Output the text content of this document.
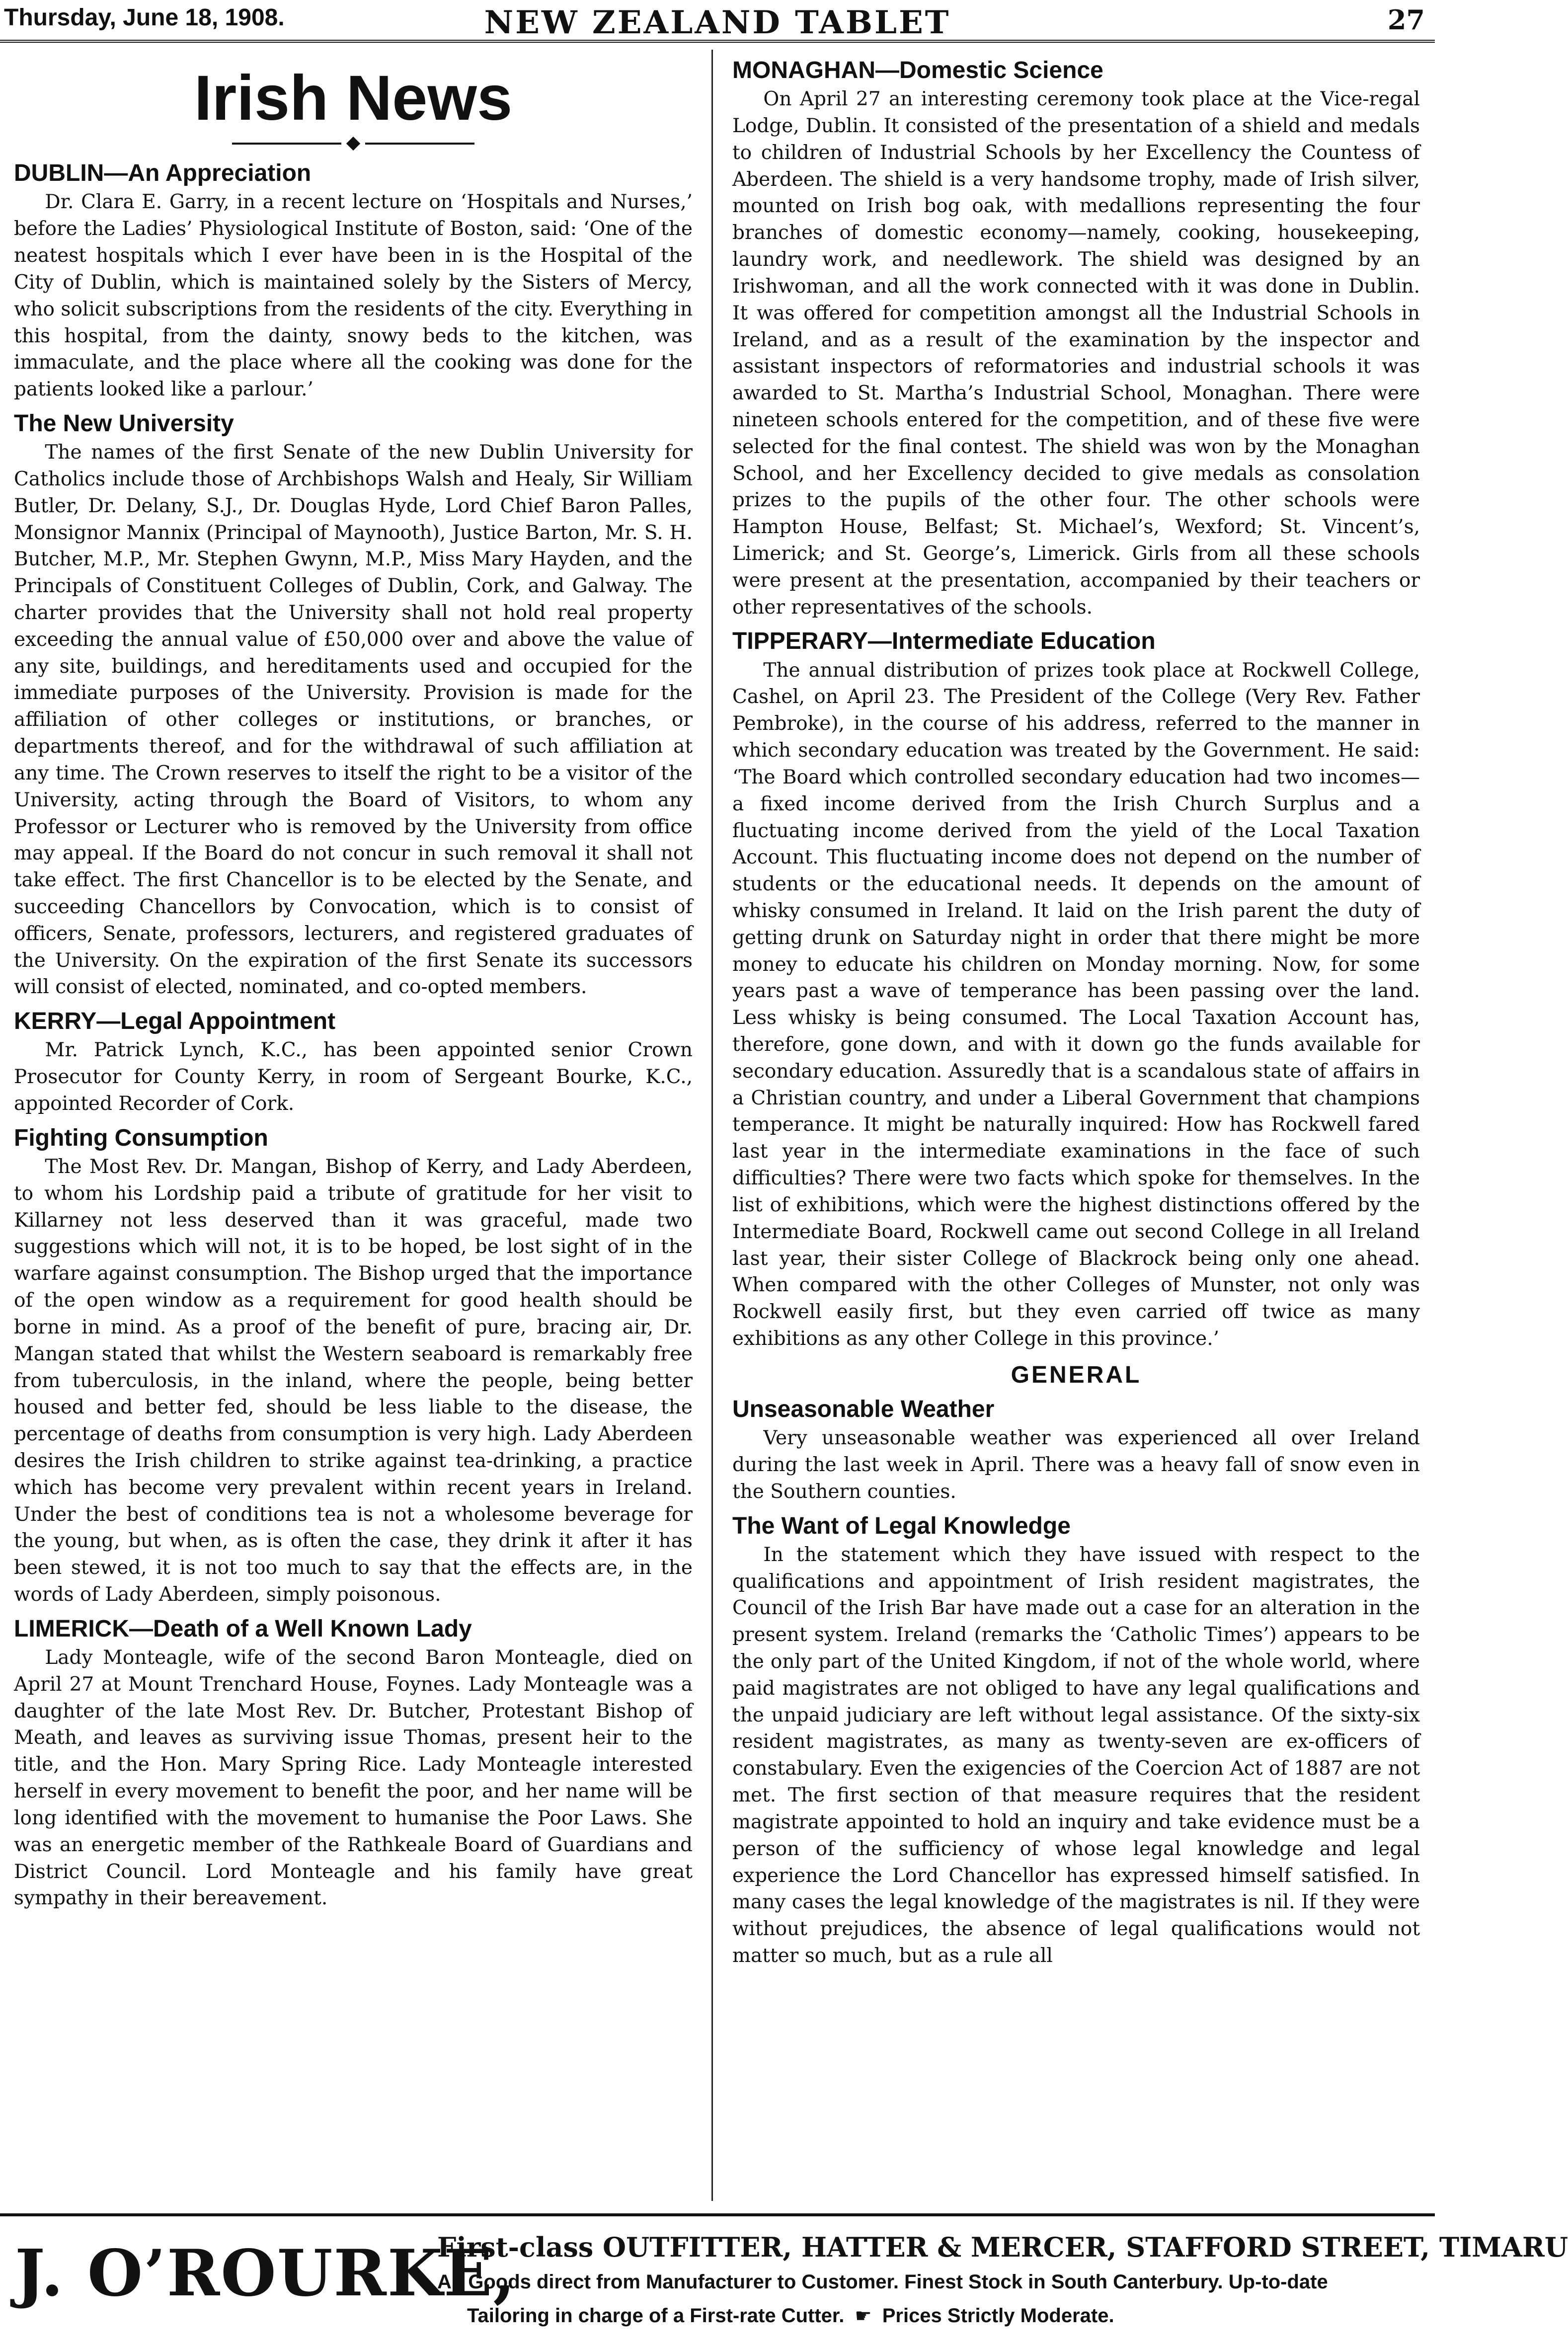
Thursday, June 18, 1908.	NEW ZEALAND TABLET	27
Irish News
DUBLIN—An Appreciation

Dr. Clara E. Garry, in a recent lecture on ‘Hospitals and Nurses,’ before the Ladies’ Physiological Institute of Boston, said: ‘One of the neatest hospitals which I ever have been in is the Hospital of the City of Dublin, which is maintained solely by the Sisters of Mercy, who solicit subscriptions from the residents of the city. Everything in this hospital, from the dainty, snowy beds to the kitchen, was immaculate, and the place where all the cooking was done for the patients looked like a parlour.’

The New University

The names of the first Senate of the new Dublin University for Catholics include those of Archbishops Walsh and Healy, Sir William Butler, Dr. Delany, S.J., Dr. Douglas Hyde, Lord Chief Baron Palles, Monsignor Mannix (Principal of Maynooth), Justice Barton, Mr. S. H. Butcher, M.P., Mr. Stephen Gwynn, M.P., Miss Mary Hayden, and the Principals of Constituent Colleges of Dublin, Cork, and Galway. The charter provides that the University shall not hold real property exceeding the annual value of £50,000 over and above the value of any site, buildings, and hereditaments used and occupied for the immediate purposes of the University. Provision is made for the affiliation of other colleges or institutions, or branches, or departments thereof, and for the withdrawal of such affiliation at any time. The Crown reserves to itself the right to be a visitor of the University, acting through the Board of Visitors, to whom any Professor or Lecturer who is removed by the University from office may appeal. If the Board do not concur in such removal it shall not take effect. The first Chancellor is to be elected by the Senate, and succeeding Chancellors by Convocation, which is to consist of officers, Senate, professors, lecturers, and registered graduates of the University. On the expiration of the first Senate its successors will consist of elected, nominated, and co-opted members.

KERRY—Legal Appointment

Mr. Patrick Lynch, K.C., has been appointed senior Crown Prosecutor for County Kerry, in room of Sergeant Bourke, K.C., appointed Recorder of Cork.

Fighting Consumption

The Most Rev. Dr. Mangan, Bishop of Kerry, and Lady Aberdeen, to whom his Lordship paid a tribute of gratitude for her visit to Killarney not less deserved than it was graceful, made two suggestions which will not, it is to be hoped, be lost sight of in the warfare against consumption. The Bishop urged that the importance of the open window as a requirement for good health should be borne in mind. As a proof of the benefit of pure, bracing air, Dr. Mangan stated that whilst the Western seaboard is remarkably free from tuberculosis, in the inland, where the people, being better housed and better fed, should be less liable to the disease, the percentage of deaths from consumption is very high. Lady Aberdeen desires the Irish children to strike against tea-drinking, a practice which has become very prevalent within recent years in Ireland. Under the best of conditions tea is not a wholesome beverage for the young, but when, as is often the case, they drink it after it has been stewed, it is not too much to say that the effects are, in the words of Lady Aberdeen, simply poisonous.

LIMERICK—Death of a Well Known Lady

Lady Monteagle, wife of the second Baron Monteagle, died on April 27 at Mount Trenchard House, Foynes. Lady Monteagle was a daughter of the late Most Rev. Dr. Butcher, Protestant Bishop of Meath, and leaves as surviving issue Thomas, present heir to the title, and the Hon. Mary Spring Rice. Lady Monteagle interested herself in every movement to benefit the poor, and her name will be long identified with the movement to humanise the Poor Laws. She was an energetic member of the Rathkeale Board of Guardians and District Council. Lord Monteagle and his family have great sympathy in their bereavement.

MONAGHAN—Domestic Science

On April 27 an interesting ceremony took place at the Vice-regal Lodge, Dublin. It consisted of the presentation of a shield and medals to children of Industrial Schools by her Excellency the Countess of Aberdeen. The shield is a very handsome trophy, made of Irish silver, mounted on Irish bog oak, with medallions representing the four branches of domestic economy—namely, cooking, housekeeping, laundry work, and needlework. The shield was designed by an Irishwoman, and all the work connected with it was done in Dublin. It was offered for competition amongst all the Industrial Schools in Ireland, and as a result of the examination by the inspector and assistant inspectors of reformatories and industrial schools it was awarded to St. Martha’s Industrial School, Monaghan. There were nineteen schools entered for the competition, and of these five were selected for the final contest. The shield was won by the Monaghan School, and her Excellency decided to give medals as consolation prizes to the pupils of the other four. The other schools were Hampton House, Belfast; St. Michael’s, Wexford; St. Vincent’s, Limerick; and St. George’s, Limerick. Girls from all these schools were present at the presentation, accompanied by their teachers or other representatives of the schools.

TIPPERARY—Intermediate Education

The annual distribution of prizes took place at Rockwell College, Cashel, on April 23. The President of the College (Very Rev. Father Pembroke), in the course of his address, referred to the manner in which secondary education was treated by the Government. He said: ‘The Board which controlled secondary education had two incomes—a fixed income derived from the Irish Church Surplus and a fluctuating income derived from the yield of the Local Taxation Account. This fluctuating income does not depend on the number of students or the educational needs. It depends on the amount of whisky consumed in Ireland. It laid on the Irish parent the duty of getting drunk on Saturday night in order that there might be more money to educate his children on Monday morning. Now, for some years past a wave of temperance has been passing over the land. Less whisky is being consumed. The Local Taxation Account has, therefore, gone down, and with it down go the funds available for secondary education. Assuredly that is a scandalous state of affairs in a Christian country, and under a Liberal Government that champions temperance. It might be naturally inquired: How has Rockwell fared last year in the intermediate examinations in the face of such difficulties? There were two facts which spoke for themselves. In the list of exhibitions, which were the highest distinctions offered by the Intermediate Board, Rockwell came out second College in all Ireland last year, their sister College of Blackrock being only one ahead. When compared with the other Colleges of Munster, not only was Rockwell easily first, but they even carried off twice as many exhibitions as any other College in this province.’

GENERAL
Unseasonable Weather

Very unseasonable weather was experienced all over Ireland during the last week in April. There was a heavy fall of snow even in the Southern counties.

The Want of Legal Knowledge

In the statement which they have issued with respect to the qualifications and appointment of Irish resident magistrates, the Council of the Irish Bar have made out a case for an alteration in the present system. Ireland (remarks the ‘Catholic Times’) appears to be the only part of the United Kingdom, if not of the whole world, where paid magistrates are not obliged to have any legal qualifications and the unpaid judiciary are left without legal assistance. Of the sixty-six resident magistrates, as many as twenty-seven are ex-officers of constabulary. Even the exigencies of the Coercion Act of 1887 are not met. The first section of that measure requires that the resident magistrate appointed to hold an inquiry and take evidence must be a person of the sufficiency of whose legal knowledge and legal experience the Lord Chancellor has expressed himself satisfied. In many cases the legal knowledge of the magistrates is nil. If they were without prejudices, the absence of legal qualifications would not matter so much, but as a rule all

J. O’ROURKE,
First-class OUTFITTER, HATTER & MERCER, STAFFORD STREET, TIMARU
All Goods direct from Manufacturer to Customer. Finest Stock in South Canterbury. Up-to-date
Tailoring in charge of a First-rate Cutter. ☛ Prices Strictly Moderate.
